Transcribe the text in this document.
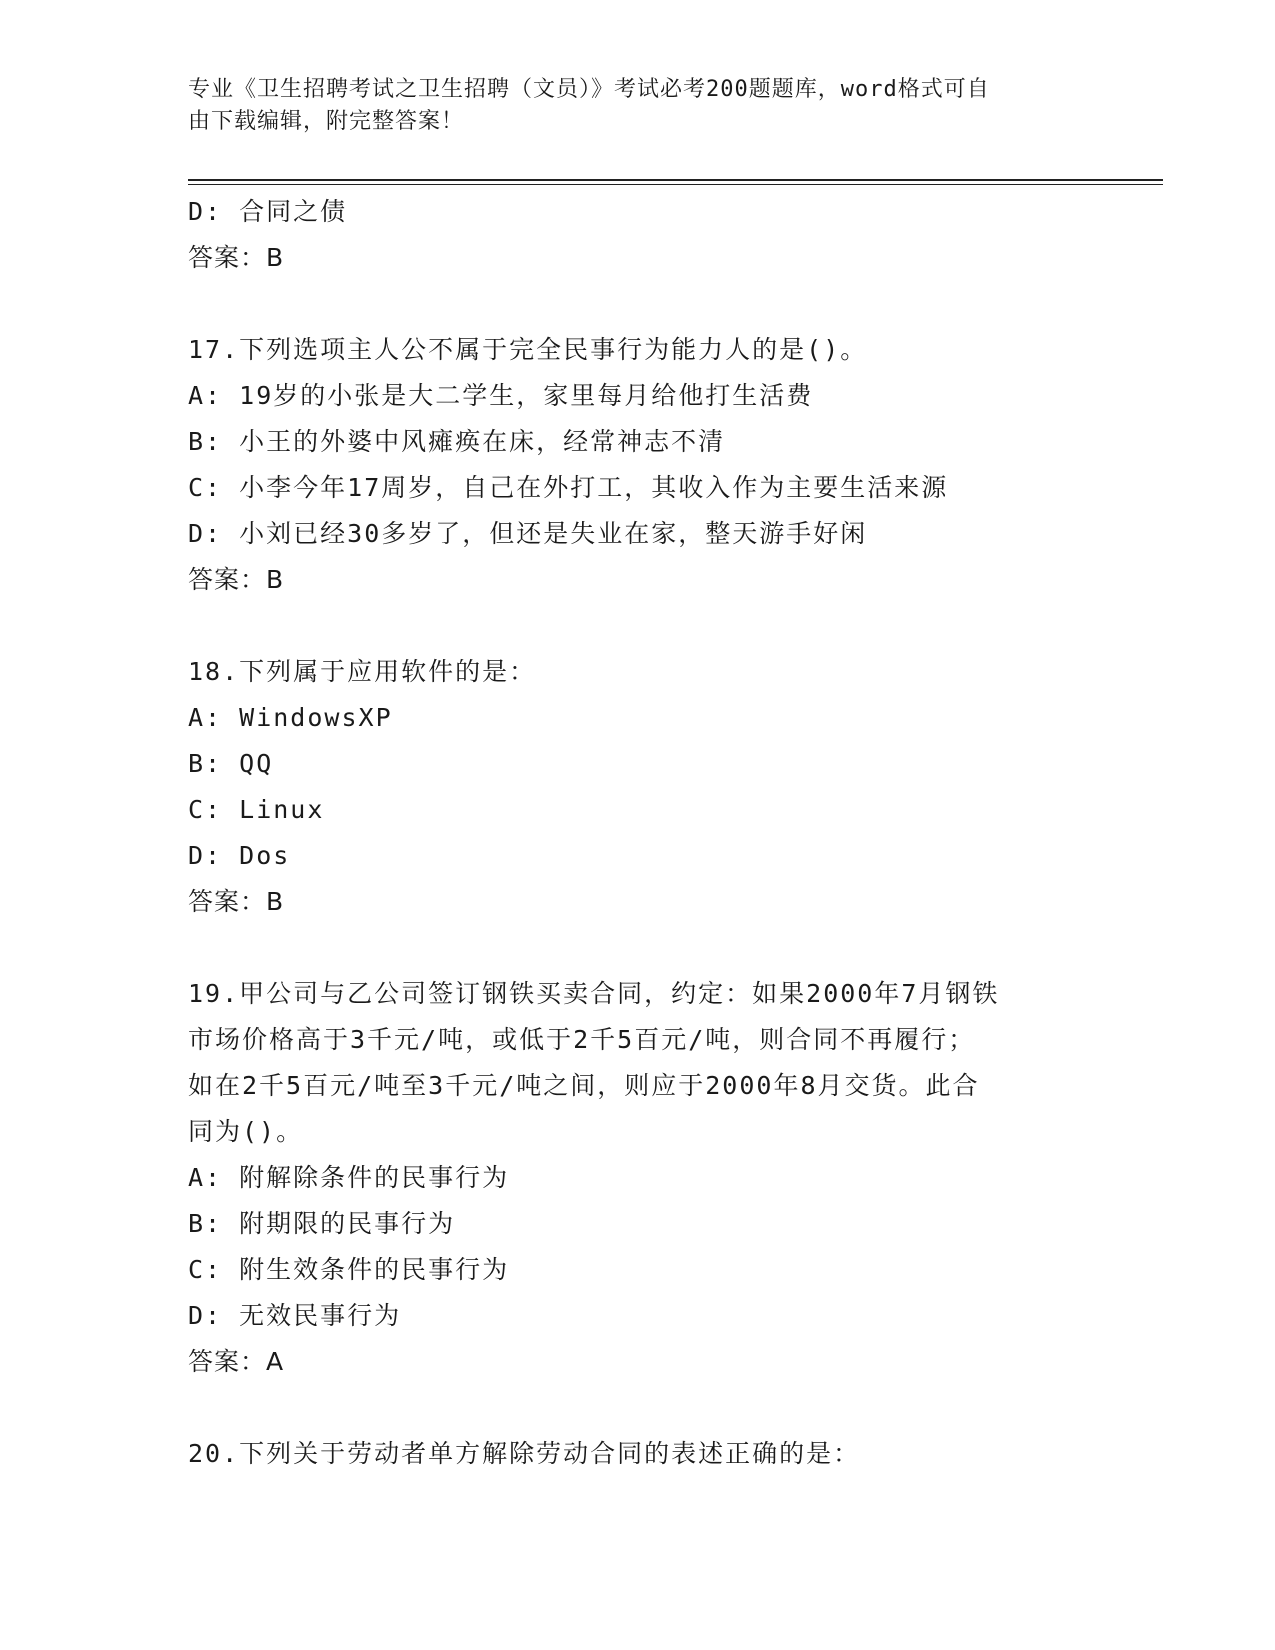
专业《卫生招聘考试之卫生招聘（文员）》考试必考200题题库，word格式可自
由下载编辑，附完整答案！
D: 合同之债
答案：B
17.下列选项主人公不属于完全民事行为能力人的是()。
A: 19岁的小张是大二学生，家里每月给他打生活费
B: 小王的外婆中风瘫痪在床，经常神志不清
C: 小李今年17周岁，自己在外打工，其收入作为主要生活来源
D: 小刘已经30多岁了，但还是失业在家，整天游手好闲
答案：B
18.下列属于应用软件的是：
A: WindowsXP
B: QQ
C: Linux
D: Dos
答案：B
19.甲公司与乙公司签订钢铁买卖合同，约定：如果2000年7月钢铁
市场价格高于3千元/吨，或低于2千5百元/吨，则合同不再履行；
如在2千5百元/吨至3千元/吨之间，则应于2000年8月交货。此合
同为()。
A: 附解除条件的民事行为
B: 附期限的民事行为
C: 附生效条件的民事行为
D: 无效民事行为
答案：A
20.下列关于劳动者单方解除劳动合同的表述正确的是：
